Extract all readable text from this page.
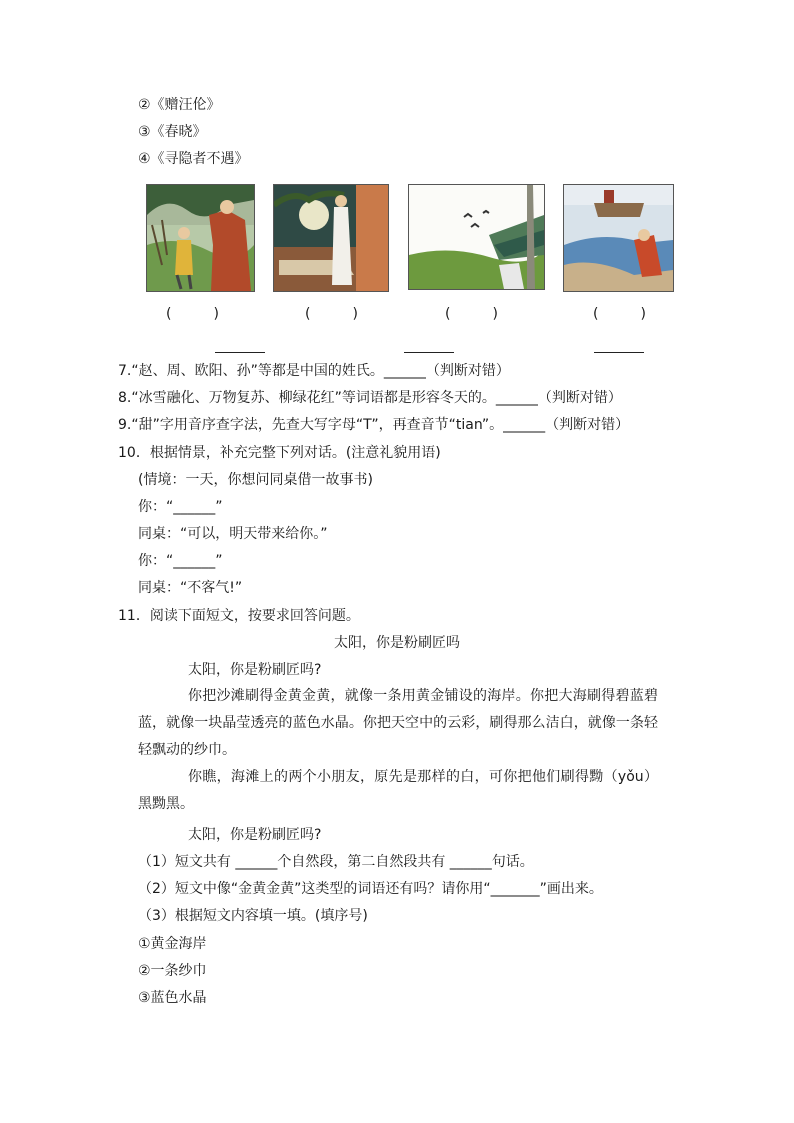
②《赠汪伦》
③《春晓》
④《寻隐者不遇》
(　　　)	(　　　)	(　　　)	(　　　)
7.“赵、周、欧阳、孙”等都是中国的姓氏。______（判断对错）
8.“冰雪融化、万物复苏、柳绿花红”等词语都是形容冬天的。______（判断对错）
9.“甜”字用音序查字法，先查大写字母“T”，再查音节“tian”。______（判断对错）
10．根据情景，补充完整下列对话。(注意礼貌用语)
(情境：一天，你想问同桌借一故事书)
你：“______”
同桌：“可以，明天带来给你。”
你：“______”
同桌：“不客气!”
11．阅读下面短文，按要求回答问题。
太阳，你是粉刷匠吗
太阳，你是粉刷匠吗?
你把沙滩刷得金黄金黄，就像一条用黄金铺设的海岸。你把大海刷得碧蓝碧蓝，就像一块晶莹透亮的蓝色水晶。你把天空中的云彩，刷得那么洁白，就像一条轻轻飘动的纱巾。
你瞧，海滩上的两个小朋友，原先是那样的白，可你把他们刷得黝（yǒu）黑黝黑。
太阳，你是粉刷匠吗?
（1）短文共有 ______个自然段，第二自然段共有 ______句话。
（2）短文中像“金黄金黄”这类型的词语还有吗？请你用“_______”画出来。
（3）根据短文内容填一填。(填序号)
①黄金海岸
②一条纱巾
③蓝色水晶
